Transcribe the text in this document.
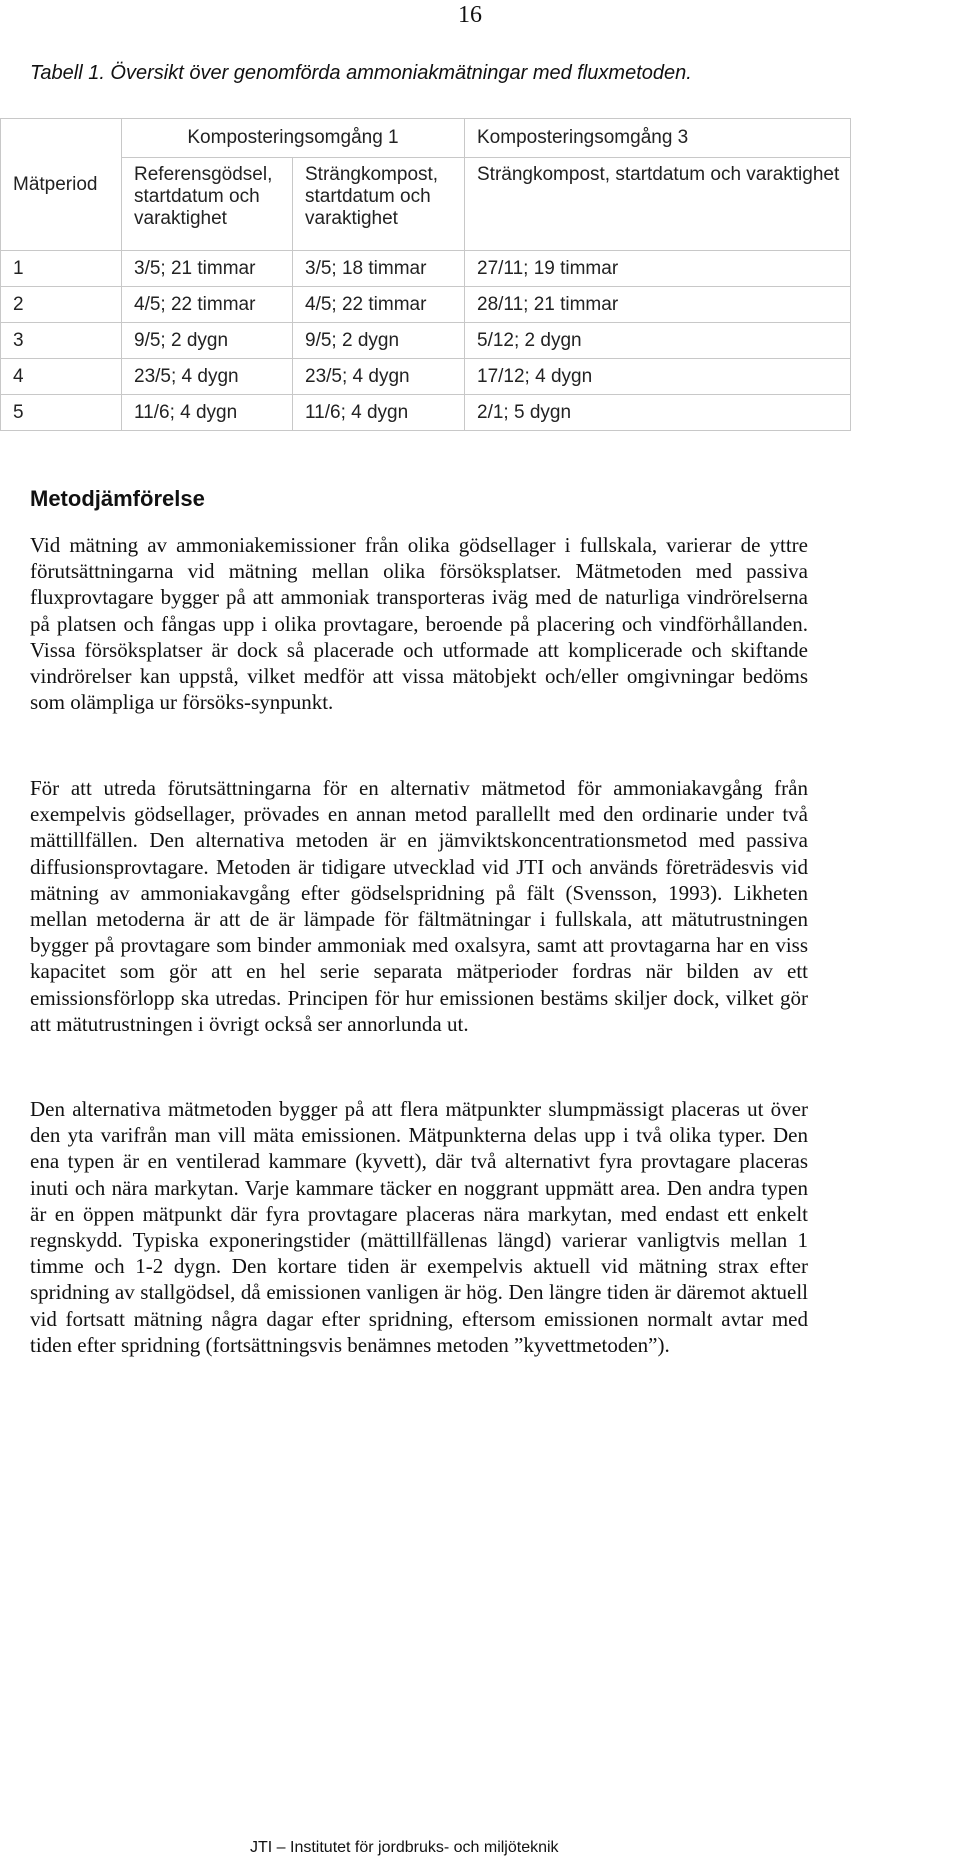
16
Tabell 1. Översikt över genomförda ammoniakmätningar med fluxmetoden.
Mätperiod	Komposteringsomgång 1		Komposteringsomgång 3
	Referensgödsel, startdatum och varaktighet	Strängkompost, startdatum och varaktighet	Strängkompost, startdatum och varaktighet
1	3/5; 21 timmar	3/5; 18 timmar	27/11; 19 timmar
2	4/5; 22 timmar	4/5; 22 timmar	28/11; 21 timmar
3	9/5; 2 dygn	9/5; 2 dygn	5/12; 2 dygn
4	23/5; 4 dygn	23/5; 4 dygn	17/12; 4 dygn
5	11/6; 4 dygn	11/6; 4 dygn	2/1; 5 dygn
Metodjämförelse

Vid mätning av ammoniakemissioner från olika gödsellager i fullskala, varierar de yttre förutsättningarna vid mätning mellan olika försöksplatser. Mätmetoden med passiva fluxprovtagare bygger på att ammoniak transporteras iväg med de naturliga vindrörelserna på platsen och fångas upp i olika provtagare, beroende på placering och vindförhållanden. Vissa försöksplatser är dock så placerade och utformade att komplicerade och skiftande vindrörelser kan uppstå, vilket medför att vissa mätobjekt och/eller omgivningar bedöms som olämpliga ur försöks-synpunkt.

För att utreda förutsättningarna för en alternativ mätmetod för ammoniakavgång från exempelvis gödsellager, prövades en annan metod parallellt med den ordinarie under två mättillfällen. Den alternativa metoden är en jämviktskoncentrationsmetod med passiva diffusionsprovtagare. Metoden är tidigare utvecklad vid JTI och används företrädesvis vid mätning av ammoniakavgång efter gödselspridning på fält (Svensson, 1993). Likheten mellan metoderna är att de är lämpade för fältmätningar i fullskala, att mätutrustningen bygger på provtagare som binder ammoniak med oxalsyra, samt att provtagarna har en viss kapacitet som gör att en hel serie separata mätperioder fordras när bilden av ett emissionsförlopp ska utredas. Principen för hur emissionen bestäms skiljer dock, vilket gör att mätutrustningen i övrigt också ser annorlunda ut.

Den alternativa mätmetoden bygger på att flera mätpunkter slumpmässigt placeras ut över den yta varifrån man vill mäta emissionen. Mätpunkterna delas upp i två olika typer. Den ena typen är en ventilerad kammare (kyvett), där två alternativt fyra provtagare placeras inuti och nära markytan. Varje kammare täcker en noggrant uppmätt area. Den andra typen är en öppen mätpunkt där fyra provtagare placeras nära markytan, med endast ett enkelt regnskydd. Typiska exponeringstider (mättillfällenas längd) varierar vanligtvis mellan 1 timme och 1-2 dygn. Den kortare tiden är exempelvis aktuell vid mätning strax efter spridning av stallgödsel, då emissionen vanligen är hög. Den längre tiden är däremot aktuell vid fortsatt mätning några dagar efter spridning, eftersom emissionen normalt avtar med tiden efter spridning (fortsättningsvis benämnes metoden ”kyvettmetoden”).

JTI – Institutet för jordbruks- och miljöteknik
